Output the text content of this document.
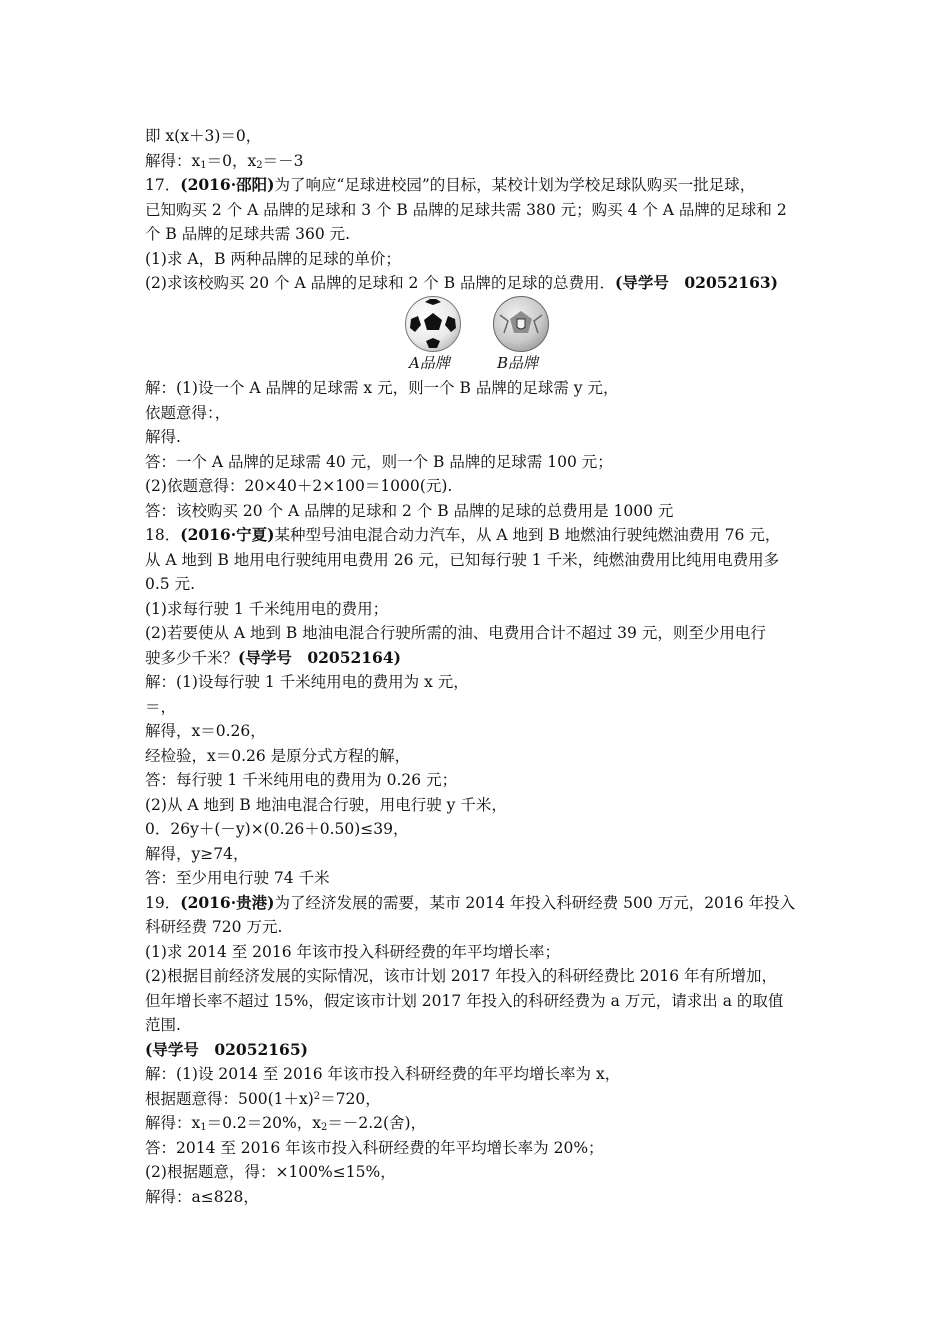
即 x(x＋3)＝0，
解得：$x_1=0$，$x_2=-3$
17．(2016·邵阳)为了响应“足球进校园”的目标，某校计划为学校足球队购买一批足球，
已知购买 2 个 A 品牌的足球和 3 个 B 品牌的足球共需 380 元；购买 4 个 A 品牌的足球和 2
个 B 品牌的足球共需 360 元.
(1)求 A，B 两种品牌的足球的单价；
(2)求该校购买 20 个 A 品牌的足球和 2 个 B 品牌的足球的总费用．(导学号　02052163)
A品牌	B品牌
解：(1)设一个 A 品牌的足球需 x 元，则一个 B 品牌的足球需 y 元，
依题意得：，
解得.
答：一个 A 品牌的足球需 40 元，则一个 B 品牌的足球需 100 元；
(2)依题意得：20×40＋2×100＝1000(元).
答：该校购买 20 个 A 品牌的足球和 2 个 B 品牌的足球的总费用是 1000 元
18．(2016·宁夏)某种型号油电混合动力汽车，从 A 地到 B 地燃油行驶纯燃油费用 76 元，
从 A 地到 B 地用电行驶纯用电费用 26 元，已知每行驶 1 千米，纯燃油费用比纯用电费用多
0.5 元.
(1)求每行驶 1 千米纯用电的费用；
(2)若要使从 A 地到 B 地油电混合行驶所需的油、电费用合计不超过 39 元，则至少用电行
驶多少千米？(导学号　02052164)
解：(1)设每行驶 1 千米纯用电的费用为 x 元，
＝，
解得，x＝0.26，
经检验，x＝0.26 是原分式方程的解，
答：每行驶 1 千米纯用电的费用为 0.26 元；
(2)从 A 地到 B 地油电混合行驶，用电行驶 y 千米，
0．26y＋(－y)×(0.26＋0.50)≤39，
解得，y≥74，
答：至少用电行驶 74 千米
19．(2016·贵港)为了经济发展的需要，某市 2014 年投入科研经费 500 万元，2016 年投入
科研经费 720 万元.
(1)求 2014 至 2016 年该市投入科研经费的年平均增长率；
(2)根据目前经济发展的实际情况，该市计划 2017 年投入的科研经费比 2016 年有所增加，
但年增长率不超过 15%，假定该市计划 2017 年投入的科研经费为 a 万元，请求出 a 的取值
范围.
(导学号　02052165)
解：(1)设 2014 至 2016 年该市投入科研经费的年平均增长率为 x，
根据题意得：$500(1+x)^2=720$，
解得：$x_1=0.2=20\%$，$x_2=-2.2$(舍)，
答：2014 至 2016 年该市投入科研经费的年平均增长率为 20%；
(2)根据题意，得：×100%≤15%，
解得：a≤828，
